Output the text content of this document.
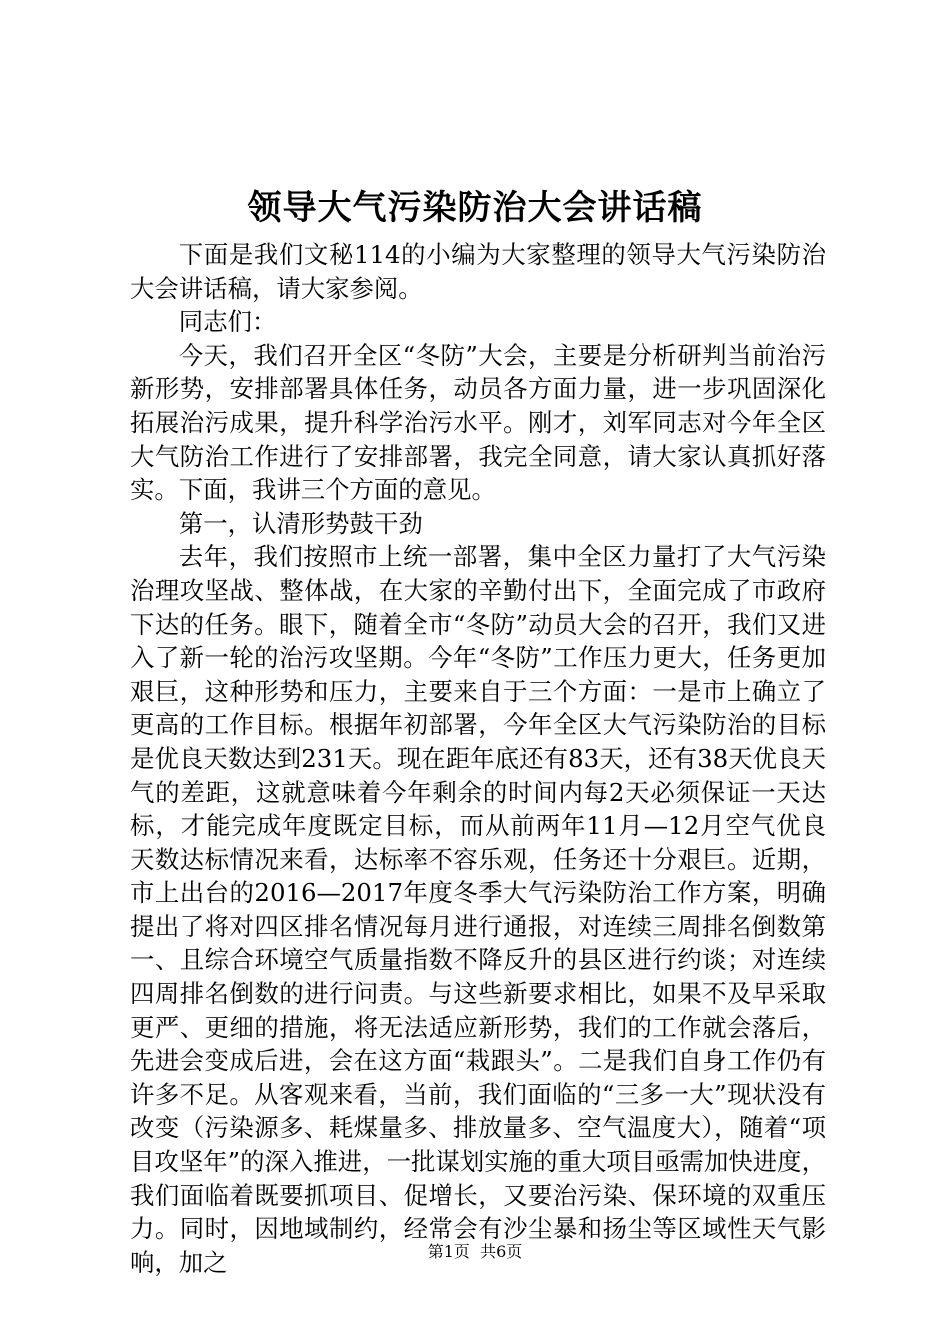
领导大气污染防治大会讲话稿

下面是我们文秘114的小编为大家整理的领导大气污染防治大会讲话稿，请大家参阅。

同志们：

今天，我们召开全区“冬防”大会，主要是分析研判当前治污新形势，安排部署具体任务，动员各方面力量，进一步巩固深化拓展治污成果，提升科学治污水平。刚才，刘军同志对今年全区大气防治工作进行了安排部署，我完全同意，请大家认真抓好落实。下面，我讲三个方面的意见。

第一，认清形势鼓干劲

去年，我们按照市上统一部署，集中全区力量打了大气污染治理攻坚战、整体战，在大家的辛勤付出下，全面完成了市政府下达的任务。眼下，随着全市“冬防”动员大会的召开，我们又进入了新一轮的治污攻坚期。今年“冬防”工作压力更大，任务更加艰巨，这种形势和压力，主要来自于三个方面：一是市上确立了更高的工作目标。根据年初部署，今年全区大气污染防治的目标是优良天数达到231天。现在距年底还有83天，还有38天优良天气的差距，这就意味着今年剩余的时间内每2天必须保证一天达标，才能完成年度既定目标，而从前两年11月—12月空气优良天数达标情况来看，达标率不容乐观，任务还十分艰巨。近期，市上出台的2016—2017年度冬季大气污染防治工作方案，明确提出了将对四区排名情况每月进行通报，对连续三周排名倒数第一、且综合环境空气质量指数不降反升的县区进行约谈；对连续四周排名倒数的进行问责。与这些新要求相比，如果不及早采取更严、更细的措施，将无法适应新形势，我们的工作就会落后，先进会变成后进，会在这方面“栽跟头”。二是我们自身工作仍有许多不足。从客观来看，当前，我们面临的“三多一大”现状没有改变（污染源多、耗煤量多、排放量多、空气温度大），随着“项目攻坚年”的深入推进，一批谋划实施的重大项目亟需加快进度，我们面临着既要抓项目、促增长，又要治污染、保环境的双重压力。同时，因地域制约，经常会有沙尘暴和扬尘等区域性天气影响，加之	第1页 共6页
